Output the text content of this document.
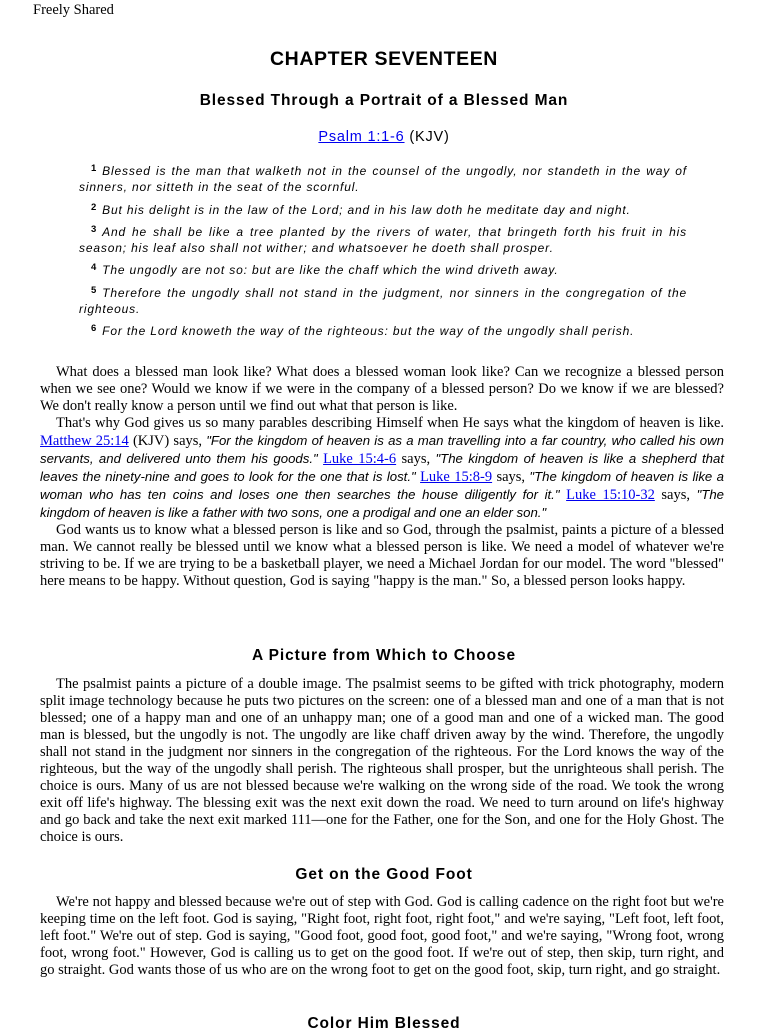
Freely Shared
CHAPTER SEVENTEEN
Blessed Through a Portrait of a Blessed Man
Psalm 1:1-6 (KJV)

$^1$ Blessed is the man that walketh not in the counsel of the ungodly, nor standeth in the way of sinners, nor sitteth in the seat of the scornful.

$^2$ But his delight is in the law of the Lord; and in his law doth he meditate day and night.

$^3$ And he shall be like a tree planted by the rivers of water, that bringeth forth his fruit in his season; his leaf also shall not wither; and whatsoever he doeth shall prosper.

$^4$ The ungodly are not so: but are like the chaff which the wind driveth away.

$^5$ Therefore the ungodly shall not stand in the judgment, nor sinners in the congregation of the righteous.

$^6$ For the Lord knoweth the way of the righteous: but the way of the ungodly shall perish.

What does a blessed man look like? What does a blessed woman look like? Can we recognize a blessed person when we see one? Would we know if we were in the company of a blessed person? Do we know if we are blessed? We don't really know a person until we find out what that person is like.

That's why God gives us so many parables describing Himself when He says what the kingdom of heaven is like. Matthew 25:14 (KJV) says, "For the kingdom of heaven is as a man travelling into a far country, who called his own servants, and delivered unto them his goods." Luke 15:4-6 says, "The kingdom of heaven is like a shepherd that leaves the ninety-nine and goes to look for the one that is lost." Luke 15:8-9 says, "The kingdom of heaven is like a woman who has ten coins and loses one then searches the house diligently for it." Luke 15:10-32 says, "The kingdom of heaven is like a father with two sons, one a prodigal and one an elder son."

God wants us to know what a blessed person is like and so God, through the psalmist, paints a picture of a blessed man. We cannot really be blessed until we know what a blessed person is like. We need a model of whatever we're striving to be. If we are trying to be a basketball player, we need a Michael Jordan for our model. The word "blessed" here means to be happy. Without question, God is saying "happy is the man." So, a blessed person looks happy.

A Picture from Which to Choose

The psalmist paints a picture of a double image. The psalmist seems to be gifted with trick photography, modern split image technology because he puts two pictures on the screen: one of a blessed man and one of a man that is not blessed; one of a happy man and one of an unhappy man; one of a good man and one of a wicked man. The good man is blessed, but the ungodly is not. The ungodly are like chaff driven away by the wind. Therefore, the ungodly shall not stand in the judgment nor sinners in the congregation of the righteous. For the Lord knows the way of the righteous, but the way of the ungodly shall perish. The righteous shall prosper, but the unrighteous shall perish. The choice is ours. Many of us are not blessed because we're walking on the wrong side of the road. We took the wrong exit off life's highway. The blessing exit was the next exit down the road. We need to turn around on life's highway and go back and take the next exit marked 111—one for the Father, one for the Son, and one for the Holy Ghost. The choice is ours.

Get on the Good Foot

We're not happy and blessed because we're out of step with God. God is calling cadence on the right foot but we're keeping time on the left foot. God is saying, "Right foot, right foot, right foot," and we're saying, "Left foot, left foot, left foot." We're out of step. God is saying, "Good foot, good foot, good foot," and we're saying, "Wrong foot, wrong foot, wrong foot." However, God is calling us to get on the good foot. If we're out of step, then skip, turn right, and go straight. God wants those of us who are on the wrong foot to get on the good foot, skip, turn right, and go straight.

Color Him Blessed
